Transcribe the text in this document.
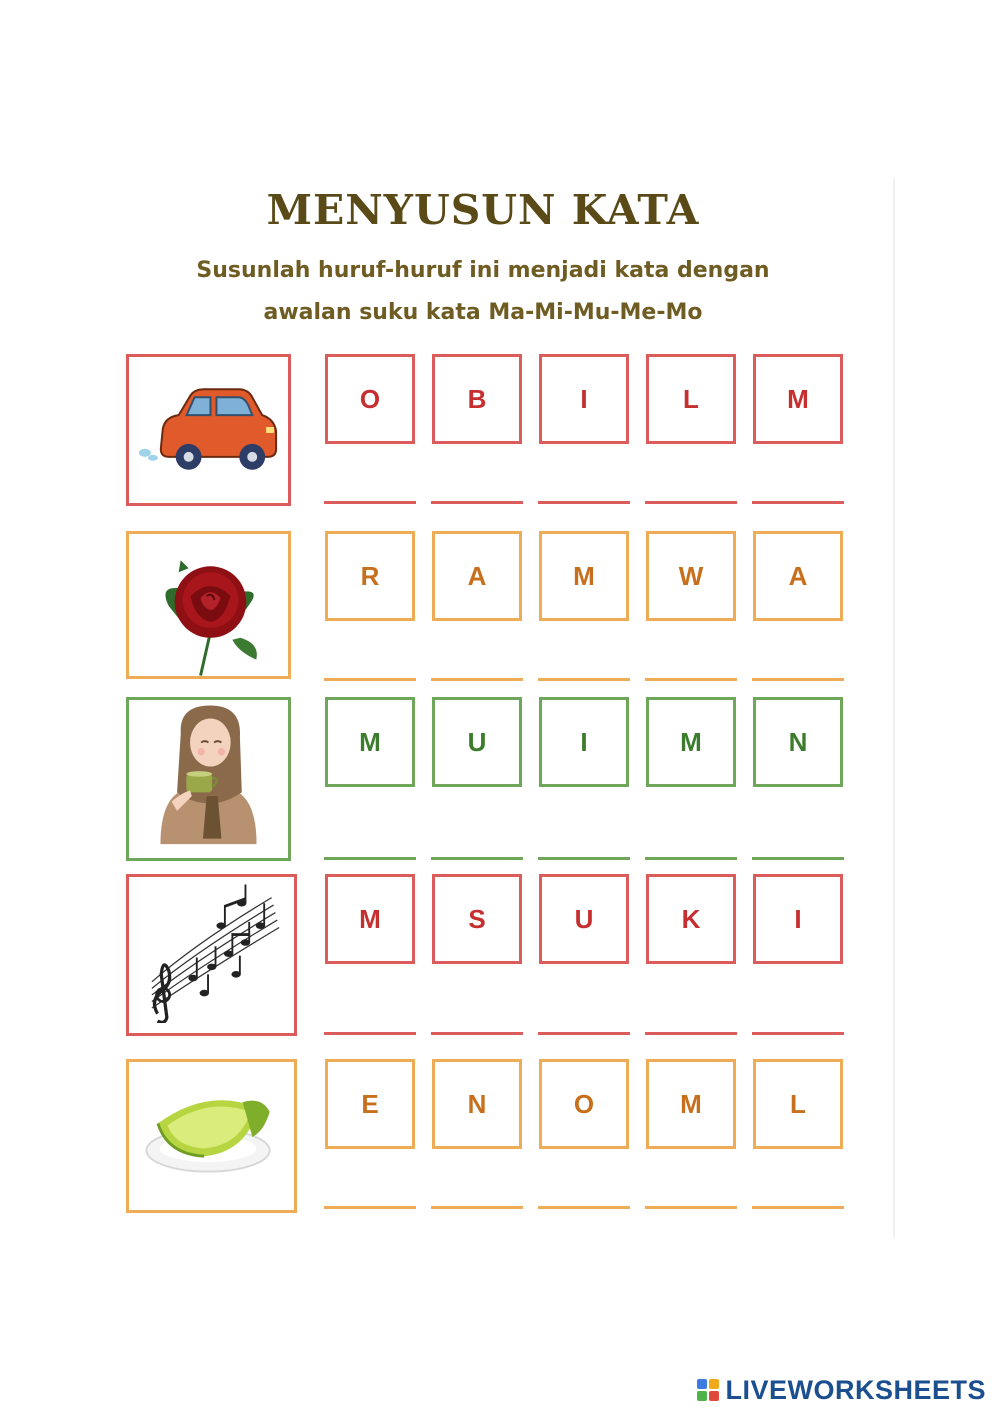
MENYUSUN KATA
Susunlah huruf-huruf ini menjadi kata dengan
awalan suku kata Ma-Mi-Mu-Me-Mo
O	B	I	L	M
R	A	M	W	A
M	U	I	M	N
M	S	U	K	I
E	N	O	M	L
LIVEWORKSHEETS
